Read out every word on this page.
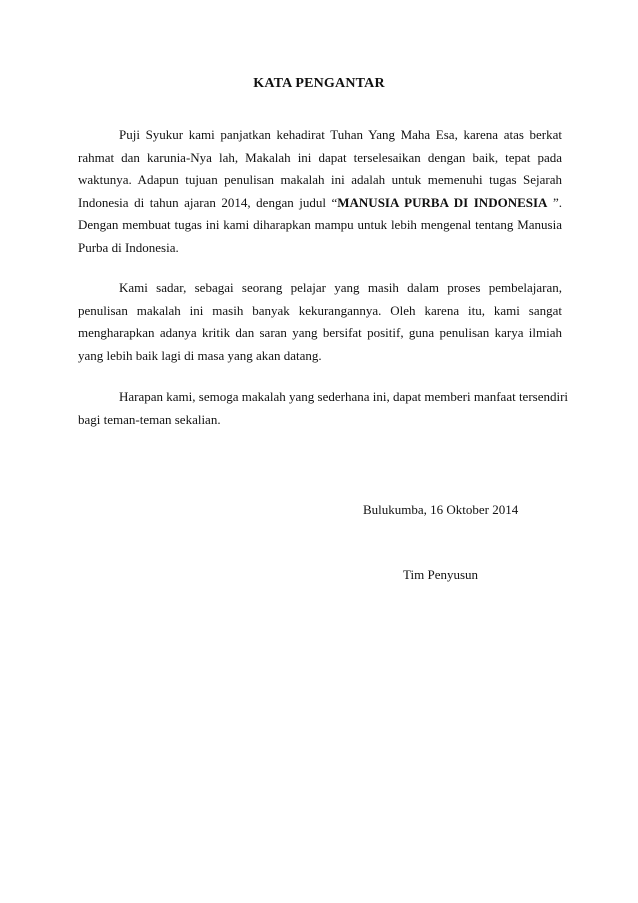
KATA PENGANTAR
Puji Syukur kami panjatkan kehadirat Tuhan Yang Maha Esa, karena atas berkat
rahmat dan karunia-Nya lah, Makalah ini dapat terselesaikan dengan baik, tepat pada
waktunya. Adapun tujuan penulisan makalah ini adalah untuk memenuhi tugas Sejarah
Indonesia di tahun ajaran 2014, dengan judul “MANUSIA PURBA DI INDONESIA ”.
Dengan membuat tugas ini kami diharapkan mampu untuk lebih mengenal tentang Manusia
Purba di Indonesia.
Kami sadar, sebagai seorang pelajar yang masih dalam proses pembelajaran,
penulisan makalah ini masih banyak kekurangannya. Oleh karena itu, kami sangat
mengharapkan adanya kritik dan saran yang bersifat positif, guna penulisan karya ilmiah
yang lebih baik lagi di masa yang akan datang.
Harapan kami, semoga makalah yang sederhana ini, dapat memberi manfaat tersendiri
bagi teman-teman sekalian.
Bulukumba, 16 Oktober 2014
Tim Penyusun
